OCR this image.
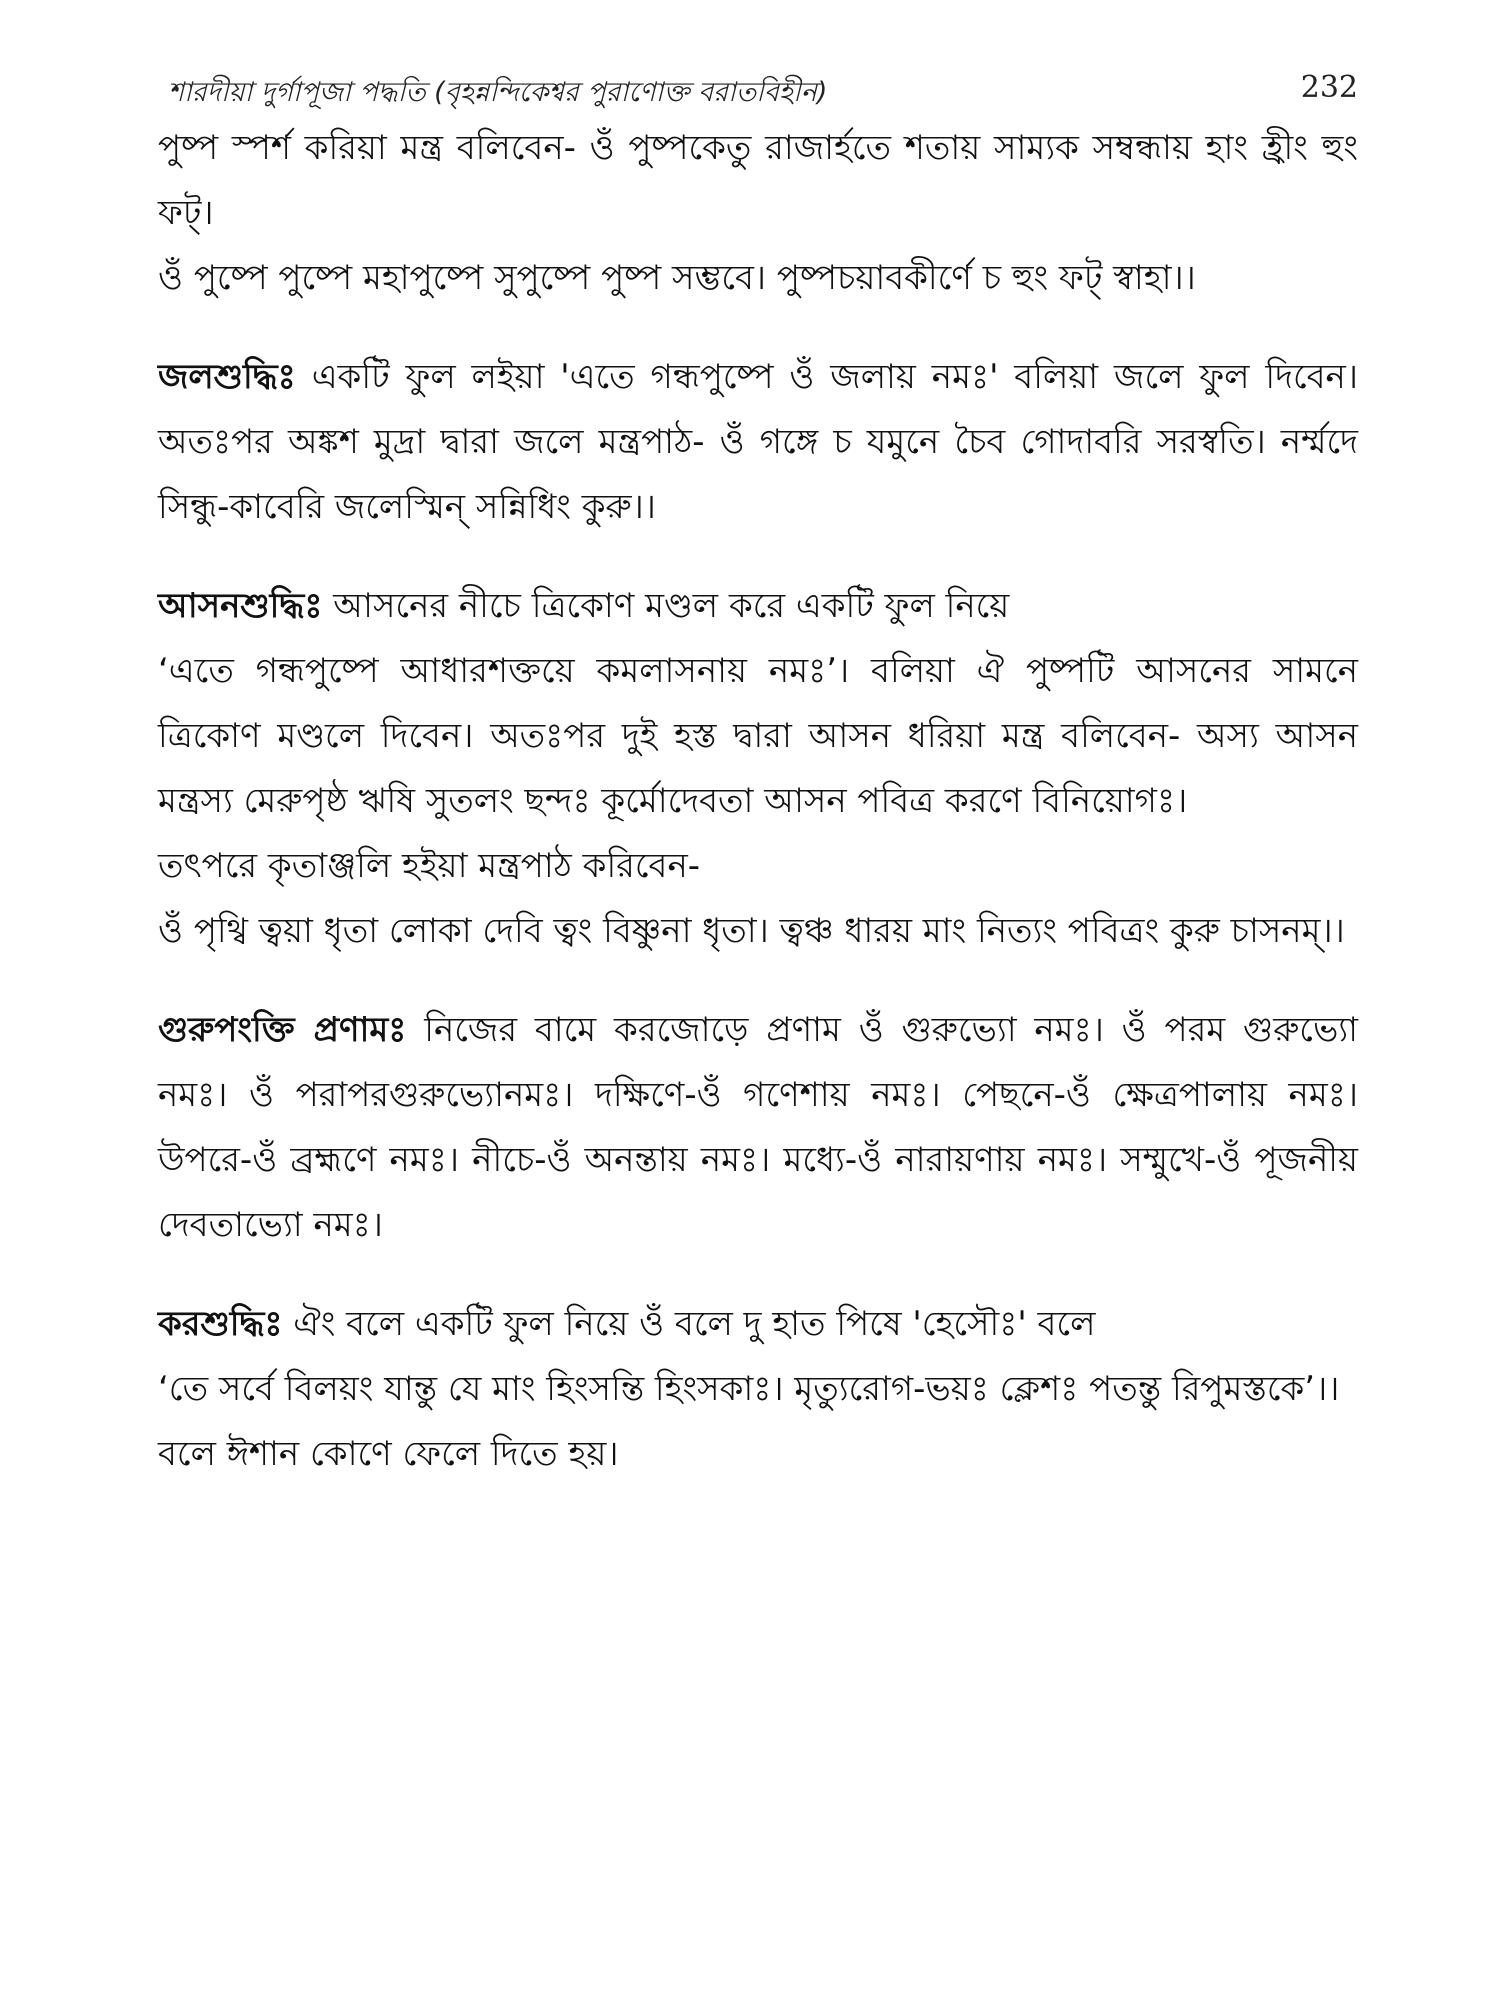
শারদীয়া দুর্গাপূজা পদ্ধতি (বৃহন্নন্দিকেশ্বর পুরাণোক্ত বরাতবিহীন)	232

পুষ্প স্পর্শ করিয়া মন্ত্র বলিবেন- ওঁ পুষ্পকেতু রাজার্হতে শতায় সাম্যক সম্বন্ধায় হাং হ্রীং হুং ফট্।

ওঁ পুষ্পে পুষ্পে মহাপুষ্পে সুপুষ্পে পুষ্প সম্ভবে। পুষ্পচয়াবকীর্ণে চ হুং ফট্ স্বাহা।।

জলশুদ্ধিঃ একটি ফুল লইয়া 'এতে গন্ধপুষ্পে ওঁ জলায় নমঃ' বলিয়া জলে ফুল দিবেন। অতঃপর অঙ্কশ মুদ্রা দ্বারা জলে মন্ত্রপাঠ- ওঁ গঙ্গে চ যমুনে চৈব গোদাবরি সরস্বতি। নর্ম্মদে সিন্ধু-কাবেরি জলেস্মিন্ সন্নিধিং কুরু।।

আসনশুদ্ধিঃ আসনের নীচে ত্রিকোণ মণ্ডল করে একটি ফুল নিয়ে

‘এতে গন্ধপুষ্পে আধারশক্তয়ে কমলাসনায় নমঃ’। বলিয়া ঐ পুষ্পটি আসনের সামনে ত্রিকোণ মণ্ডলে দিবেন। অতঃপর দুই হস্ত দ্বারা আসন ধরিয়া মন্ত্র বলিবেন- অস্য আসন মন্ত্রস্য মেরুপৃষ্ঠ ঋষি সুতলং ছন্দঃ কূর্মোদেবতা আসন পবিত্র করণে বিনিয়োগঃ।

তৎপরে কৃতাঞ্জলি হইয়া মন্ত্রপাঠ করিবেন-

ওঁ পৃথ্বি ত্বয়া ধৃতা লোকা দেবি ত্বং বিষ্ণুনা ধৃতা। ত্বঞ্চ ধারয় মাং নিত্যং পবিত্রং কুরু চাসনম্।।

গুরুপংক্তি প্রণামঃ নিজের বামে করজোড়ে প্রণাম ওঁ গুরুভ্যো নমঃ। ওঁ পরম গুরুভ্যো নমঃ। ওঁ পরাপরগুরুভ্যোনমঃ। দক্ষিণে-ওঁ গণেশায় নমঃ। পেছনে-ওঁ ক্ষেত্রপালায় নমঃ। উপরে-ওঁ ব্রহ্মণে নমঃ। নীচে-ওঁ অনন্তায় নমঃ। মধ্যে-ওঁ নারায়ণায় নমঃ। সম্মুখে-ওঁ পূজনীয় দেবতাভ্যো নমঃ।

করশুদ্ধিঃ ঐং বলে একটি ফুল নিয়ে ওঁ বলে দু হাত পিষে 'হেসৌঃ' বলে

‘তে সর্বে বিলয়ং যান্তু যে মাং হিংসন্তি হিংসকাঃ। মৃত্যুরোগ-ভয়ঃ ক্লেশঃ পতন্তু রিপুমস্তকে’।।

বলে ঈশান কোণে ফেলে দিতে হয়।
